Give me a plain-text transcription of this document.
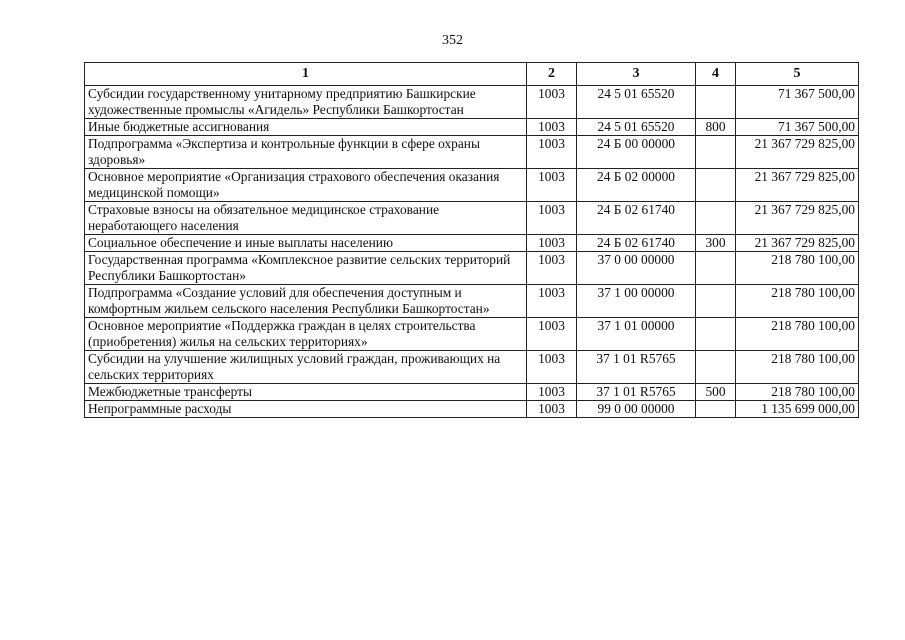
352
1	2	3	4	5
Субсидии государственному унитарному предприятию Башкирские художественные промыслы «Агидель» Республики Башкортостан	1003	24 5 01 65520		71 367 500,00
Иные бюджетные ассигнования	1003	24 5 01 65520	800	71 367 500,00
Подпрограмма «Экспертиза и контрольные функции в сфере охраны здоровья»	1003	24 Б 00 00000		21 367 729 825,00
Основное мероприятие «Организация страхового обеспечения оказания медицинской помощи»	1003	24 Б 02 00000		21 367 729 825,00
Страховые взносы на обязательное медицинское страхование неработающего населения	1003	24 Б 02 61740		21 367 729 825,00
Социальное обеспечение и иные выплаты населению	1003	24 Б 02 61740	300	21 367 729 825,00
Государственная программа «Комплексное развитие сельских территорий Республики Башкортостан»	1003	37 0 00 00000		218 780 100,00
Подпрограмма «Создание условий для обеспечения доступным и комфортным жильем сельского населения Республики Башкортостан»	1003	37 1 00 00000		218 780 100,00
Основное мероприятие «Поддержка граждан в целях строительства (приобретения) жилья на сельских территориях»	1003	37 1 01 00000		218 780 100,00
Субсидии на улучшение жилищных условий граждан, проживающих на сельских территориях	1003	37 1 01 R5765		218 780 100,00
Межбюджетные трансферты	1003	37 1 01 R5765	500	218 780 100,00
Непрограммные расходы	1003	99 0 00 00000		1 135 699 000,00
